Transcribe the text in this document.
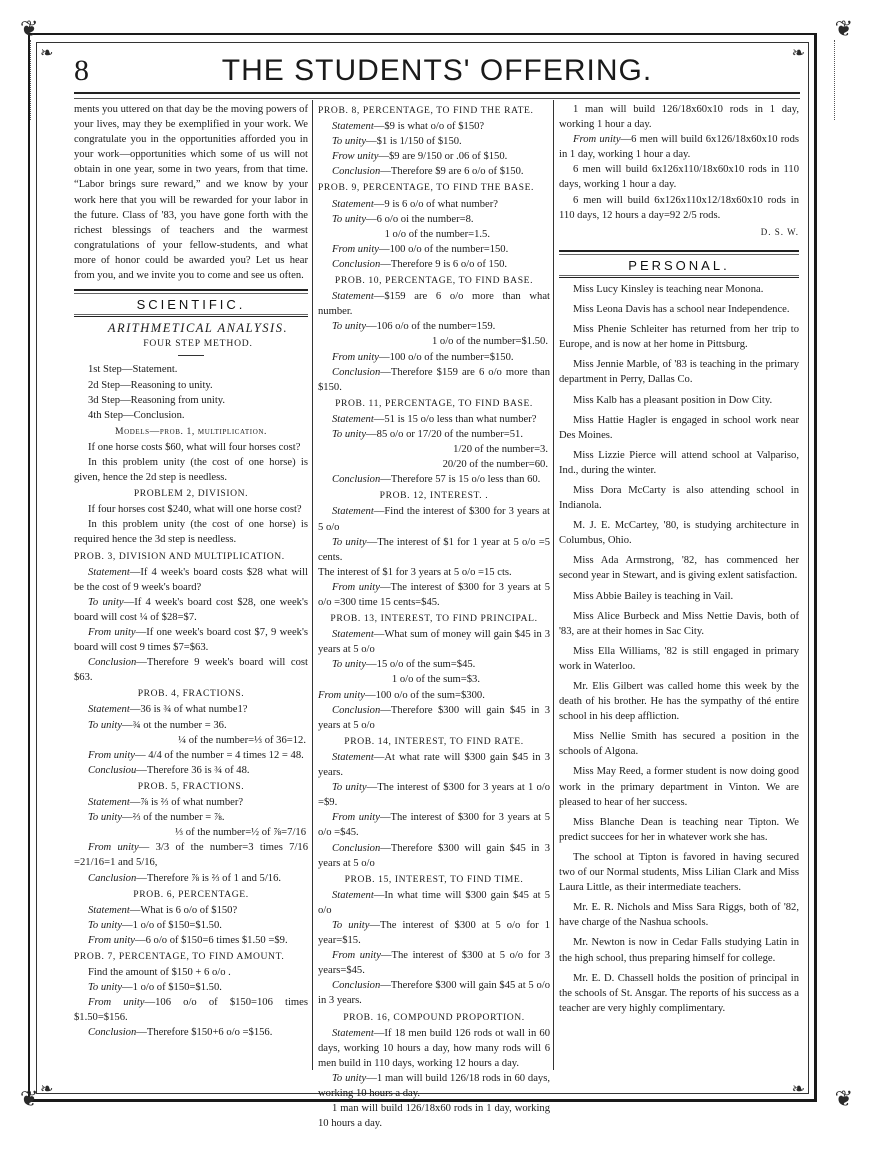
❦	❦
❦	❦
❧	❧
❧	❧
8	THE STUDENTS' OFFERING.

ments you uttered on that day be the moving powers of your lives, may they be exemplified in your work. We congratulate you in the opportunities afforded you in your work—opportunities which some of us will not obtain in one year, some in two years, from that time. “Labor brings sure reward,” and we know by your work here that you will be rewarded for your labor in the future. Class of '83, you have gone forth with the richest blessings of teachers and the warmest congratulations of your fellow-students, and what more of honor could be awarded you? Let us hear from you, and we invite you to come and see us often.

SCIENTIFIC.

ARITHMETICAL ANALYSIS.

FOUR STEP METHOD.

1st Step—Statement.

2d Step—Reasoning to unity.

3d Step—Reasoning from unity.

4th Step—Conclusion.

Models—prob. 1, multiplication.

If one horse costs $60, what will four horses cost?

In this problem unity (the cost of one horse) is given, hence the 2d step is needless.

PROBLEM 2, DIVISION.

If four horses cost $240, what will one horse cost?

In this problem unity (the cost of one horse) is required hence the 3d step is needless.

PROB. 3, DIVISION AND MULTIPLICATION.

Statement—If 4 week's board costs $28 what will be the cost of 9 week's board?

To unity—If 4 week's board cost $28, one week's board will cost ¼ of $28=$7.

From unity—If one week's board cost $7, 9 week's board will cost 9 times $7=$63.

Conclusion—Therefore 9 week's board will cost $63.

PROB. 4, FRACTIONS.

Statement—36 is ¾ of what numbe1?

To unity—¾ ot the number = 36.

¼ of the number=⅓ of 36=12.

From unity— 4/4 of the number = 4 times 12 = 48.

Conclusiou—Therefore 36 is ¾ of 48.

PROB. 5, FRACTIONS.

Statement—⅞ is ⅔ of what number?

To unity—⅔ of the number = ⅞.

⅓ of the number=½ of ⅞=7/16

From unity— 3/3 of the number=3 times 7/16 =21/16=1 and 5/16,

Canclusion—Therefore ⅞ is ⅔ of 1 and 5/16.

PROB. 6, PERCENTAGE.

Statement—What is 6 o/o of $150?

To unity—1 o/o of $150=$1.50.

From unity—6 o/o of $150=6 times $1.50 =$9.

PROB. 7, PERCENTAGE, TO FIND AMOUNT.

Find the amount of $150 + 6 o/o .

To unity—1 o/o of $150=$1.50.

From unity—106 o/o of $150=106 times $1.50=$156.

Conclusion—Therefore $150+6 o/o =$156.

PROB. 8, PERCENTAGE, TO FIND THE RATE.

Statement—$9 is what o/o of $150?

To unity—$1 is 1/150 of $150.

Frow unity—$9 are 9/150 or .06 of $150.

Conclusion—Therefore $9 are 6 o/o of $150.

PROB. 9, PERCENTAGE, TO FIND THE BASE.

Statement—9 is 6 o/o of what number?

To unity—6 o/o oi the number=8.

1 o/o of the number=1.5.

From unity—100 o/o of the number=150.

Conclusion—Therefore 9 is 6 o/o of 150.

PROB. 10, PERCENTAGE, TO FIND BASE.

Statement—$159 are 6 o/o more than what number.

To unity—106 o/o of the number=159.

1 o/o of the number=$1.50.

From unity—100 o/o of the number=$150.

Conclusion—Therefore $159 are 6 o/o more than $150.

PROB. 11, PERCENTAGE, TO FIND BASE.

Statement—51 is 15 o/o less than what number?

To unity—85 o/o or 17/20 of the number=51.

1/20 of the number=3.

20/20 of the number=60.

Conclusion—Therefore 57 is 15 o/o less than 60.

PROB. 12, INTEREST. .

Statement—Find the interest of $300 for 3 years at 5 o/o

To unity—The interest of $1 for 1 year at 5 o/o =5 cents.

The interest of $1 for 3 years at 5 o/o =15 cts.

From unity—The interest of $300 for 3 years at 5 o/o =300 time 15 cents=$45.

PROB. 13, INTEREST, TO FIND PRINCIPAL.

Statement—What sum of money will gain $45 in 3 years at 5 o/o

To unity—15 o/o of the sum=$45.

1 o/o of the sum=$3.

From unity—100 o/o of the sum=$300.

Conclusion—Therefore $300 will gain $45 in 3 years at 5 o/o

PROB. 14, INTEREST, TO FIND RATE.

Statement—At what rate will $300 gain $45 in 3 years.

To unity—The interest of $300 for 3 years at 1 o/o =$9.

From unity—The interest of $300 for 3 years at 5 o/o =$45.

Conclusion—Therefore $300 will gain $45 in 3 years at 5 o/o

PROB. 15, INTEREST, TO FIND TIME.

Statement—In what time will $300 gain $45 at 5 o/o

To unity—The interest of $300 at 5 o/o for 1 year=$15.

From unity—The interest of $300 at 5 o/o for 3 years=$45.

Conclusion—Therefore $300 will gain $45 at 5 o/o in 3 years.

PROB. 16, COMPOUND PROPORTION.

Statement—If 18 men build 126 rods ot wall in 60 days, working 10 hours a day, how many rods will 6 men build in 110 days, working 12 hours a day.

To unity—1 man will build 126/18 rods in 60 days, working 10 hours a day.

1 man will build 126/18x60 rods in 1 day, working 10 hours a day.

1 man will build 126/18x60x10 rods in 1 day, working 1 hour a day.

From unity—6 men will build 6x126/18x60x10 rods in 1 day, working 1 hour a day.

6 men will build 6x126x110/18x60x10 rods in 110 days, working 1 hour a day.

6 men will build 6x126x110x12/18x60x10 rods in 110 days, 12 hours a day=92 2/5 rods.

D. S. W.

PERSONAL.

Miss Lucy Kinsley is teaching near Monona.

Miss Leona Davis has a school near Independence.

Miss Phenie Schleiter has returned from her trip to Europe, and is now at her home in Pittsburg.

Miss Jennie Marble, of '83 is teaching in the primary department in Perry, Dallas Co.

Miss Kalb has a pleasant position in Dow City.

Miss Hattie Hagler is engaged in school work near Des Moines.

Miss Lizzie Pierce will attend school at Valpariso, Ind., during the winter.

Miss Dora McCarty is also attending school in Indianola.

M. J. E. McCartey, '80, is studying architecture in Columbus, Ohio.

Miss Ada Armstrong, '82, has commenced her second year in Stewart, and is giving exlent satisfaction.

Miss Abbie Bailey is teaching in Vail.

Miss Alice Burbeck and Miss Nettie Davis, both of '83, are at their homes in Sac City.

Miss Ella Williams, '82 is still engaged in primary work in Waterloo.

Mr. Elis Gilbert was called home this week by the death of his brother. He has the sympathy of thé entire school in his deep affliction.

Miss Nellie Smith has secured a position in the schools of Algona.

Miss May Reed, a former student is now doing good work in the primary department in Vinton. We are pleased to hear of her success.

Miss Blanche Dean is teaching near Tipton. We predict succees for her in whatever work she has.

The school at Tipton is favored in having secured two of our Normal students, Miss Lilian Clark and Miss Laura Little, as their intermediate teachers.

Mr. E. R. Nichols and Miss Sara Riggs, both of '82, have charge of the Nashua schools.

Mr. Newton is now in Cedar Falls studying Latin in the high school, thus preparing himself for college.

Mr. E. D. Chassell holds the position of principal in the schools of St. Ansgar. The reports of his success as a teacher are very highly complimentary.
